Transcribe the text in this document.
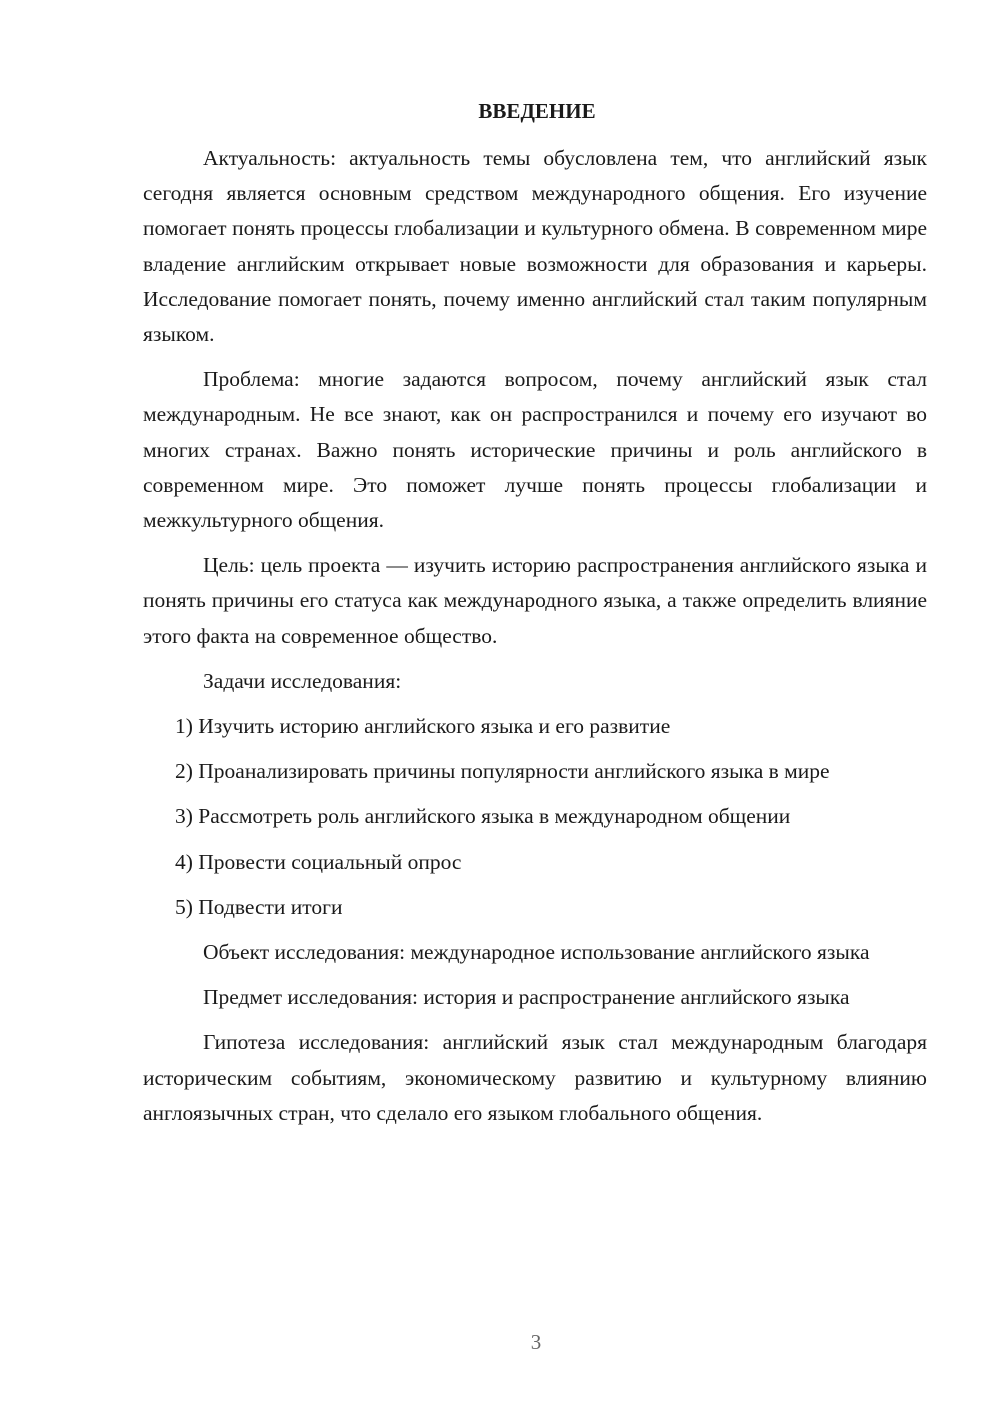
ВВЕДЕНИЕ

Актуальность: актуальность темы обусловлена тем, что английский язык сегодня является основным средством международного общения. Его изучение помогает понять процессы глобализации и культурного обмена. В современном мире владение английским открывает новые возможности для образования и карьеры. Исследование помогает понять, почему именно английский стал таким популярным языком.

Проблема: многие задаются вопросом, почему английский язык стал международным. Не все знают, как он распространился и почему его изучают во многих странах. Важно понять исторические причины и роль английского в современном мире. Это поможет лучше понять процессы глобализации и межкультурного общения.

Цель: цель проекта — изучить историю распространения английского языка и понять причины его статуса как международного языка, а также определить влияние этого факта на современное общество.

Задачи исследования:

1) Изучить историю английского языка и его развитие

2) Проанализировать причины популярности английского языка в мире

3) Рассмотреть роль английского языка в международном общении

4) Провести социальный опрос

5) Подвести итоги

Объект исследования: международное использование английского языка

Предмет исследования: история и распространение английского языка

Гипотеза исследования: английский язык стал международным благодаря историческим событиям, экономическому развитию и культурному влиянию англоязычных стран, что сделало его языком глобального общения.

3
